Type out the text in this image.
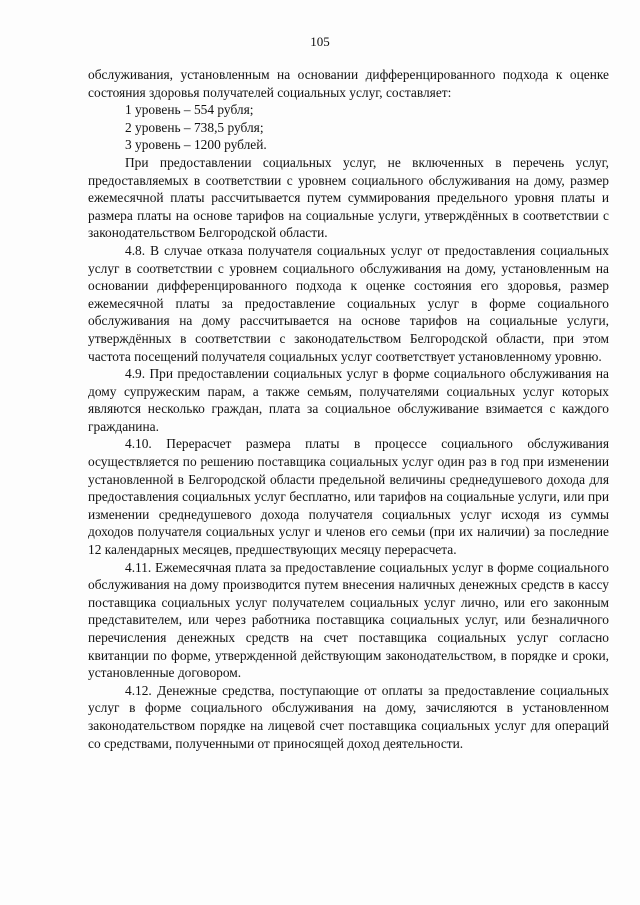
105

обслуживания, установленным на основании дифференцированного подхода к оценке состояния здоровья получателей социальных услуг, составляет:

1 уровень – 554 рубля;

2 уровень – 738,5 рубля;

3 уровень – 1200 рублей.

При предоставлении социальных услуг, не включенных в перечень услуг, предоставляемых в соответствии с уровнем социального обслуживания на дому, размер ежемесячной платы рассчитывается путем суммирования предельного уровня платы и размера платы на основе тарифов на социальные услуги, утверждённых в соответствии с законодательством Белгородской области.

4.8. В случае отказа получателя социальных услуг от предоставления социальных услуг в соответствии с уровнем социального обслуживания на дому, установленным на основании дифференцированного подхода к оценке состояния его здоровья, размер ежемесячной платы за предоставление социальных услуг в форме социального обслуживания на дому рассчитывается на основе тарифов на социальные услуги, утверждённых в соответствии с законодательством Белгородской области, при этом частота посещений получателя социальных услуг соответствует установленному уровню.

4.9. При предоставлении социальных услуг в форме социального обслуживания на дому супружеским парам, а также семьям, получателями социальных услуг которых являются несколько граждан, плата за социальное обслуживание взимается с каждого гражданина.

4.10. Перерасчет размера платы в процессе социального обслуживания осуществляется по решению поставщика социальных услуг один раз в год при изменении установленной в Белгородской области предельной величины среднедушевого дохода для предоставления социальных услуг бесплатно, или тарифов на социальные услуги, или при изменении среднедушевого дохода получателя социальных услуг исходя из суммы доходов получателя социальных услуг и членов его семьи (при их наличии) за последние 12 календарных месяцев, предшествующих месяцу перерасчета.

4.11. Ежемесячная плата за предоставление социальных услуг в форме социального обслуживания на дому производится путем внесения наличных денежных средств в кассу поставщика социальных услуг получателем социальных услуг лично, или его законным представителем, или через работника поставщика социальных услуг, или безналичного перечисления денежных средств на счет поставщика социальных услуг согласно квитанции по форме, утвержденной действующим законодательством, в порядке и сроки, установленные договором.

4.12. Денежные средства, поступающие от оплаты за предоставление социальных услуг в форме социального обслуживания на дому, зачисляются в установленном законодательством порядке на лицевой счет поставщика социальных услуг для операций со средствами, полученными от приносящей доход деятельности.
